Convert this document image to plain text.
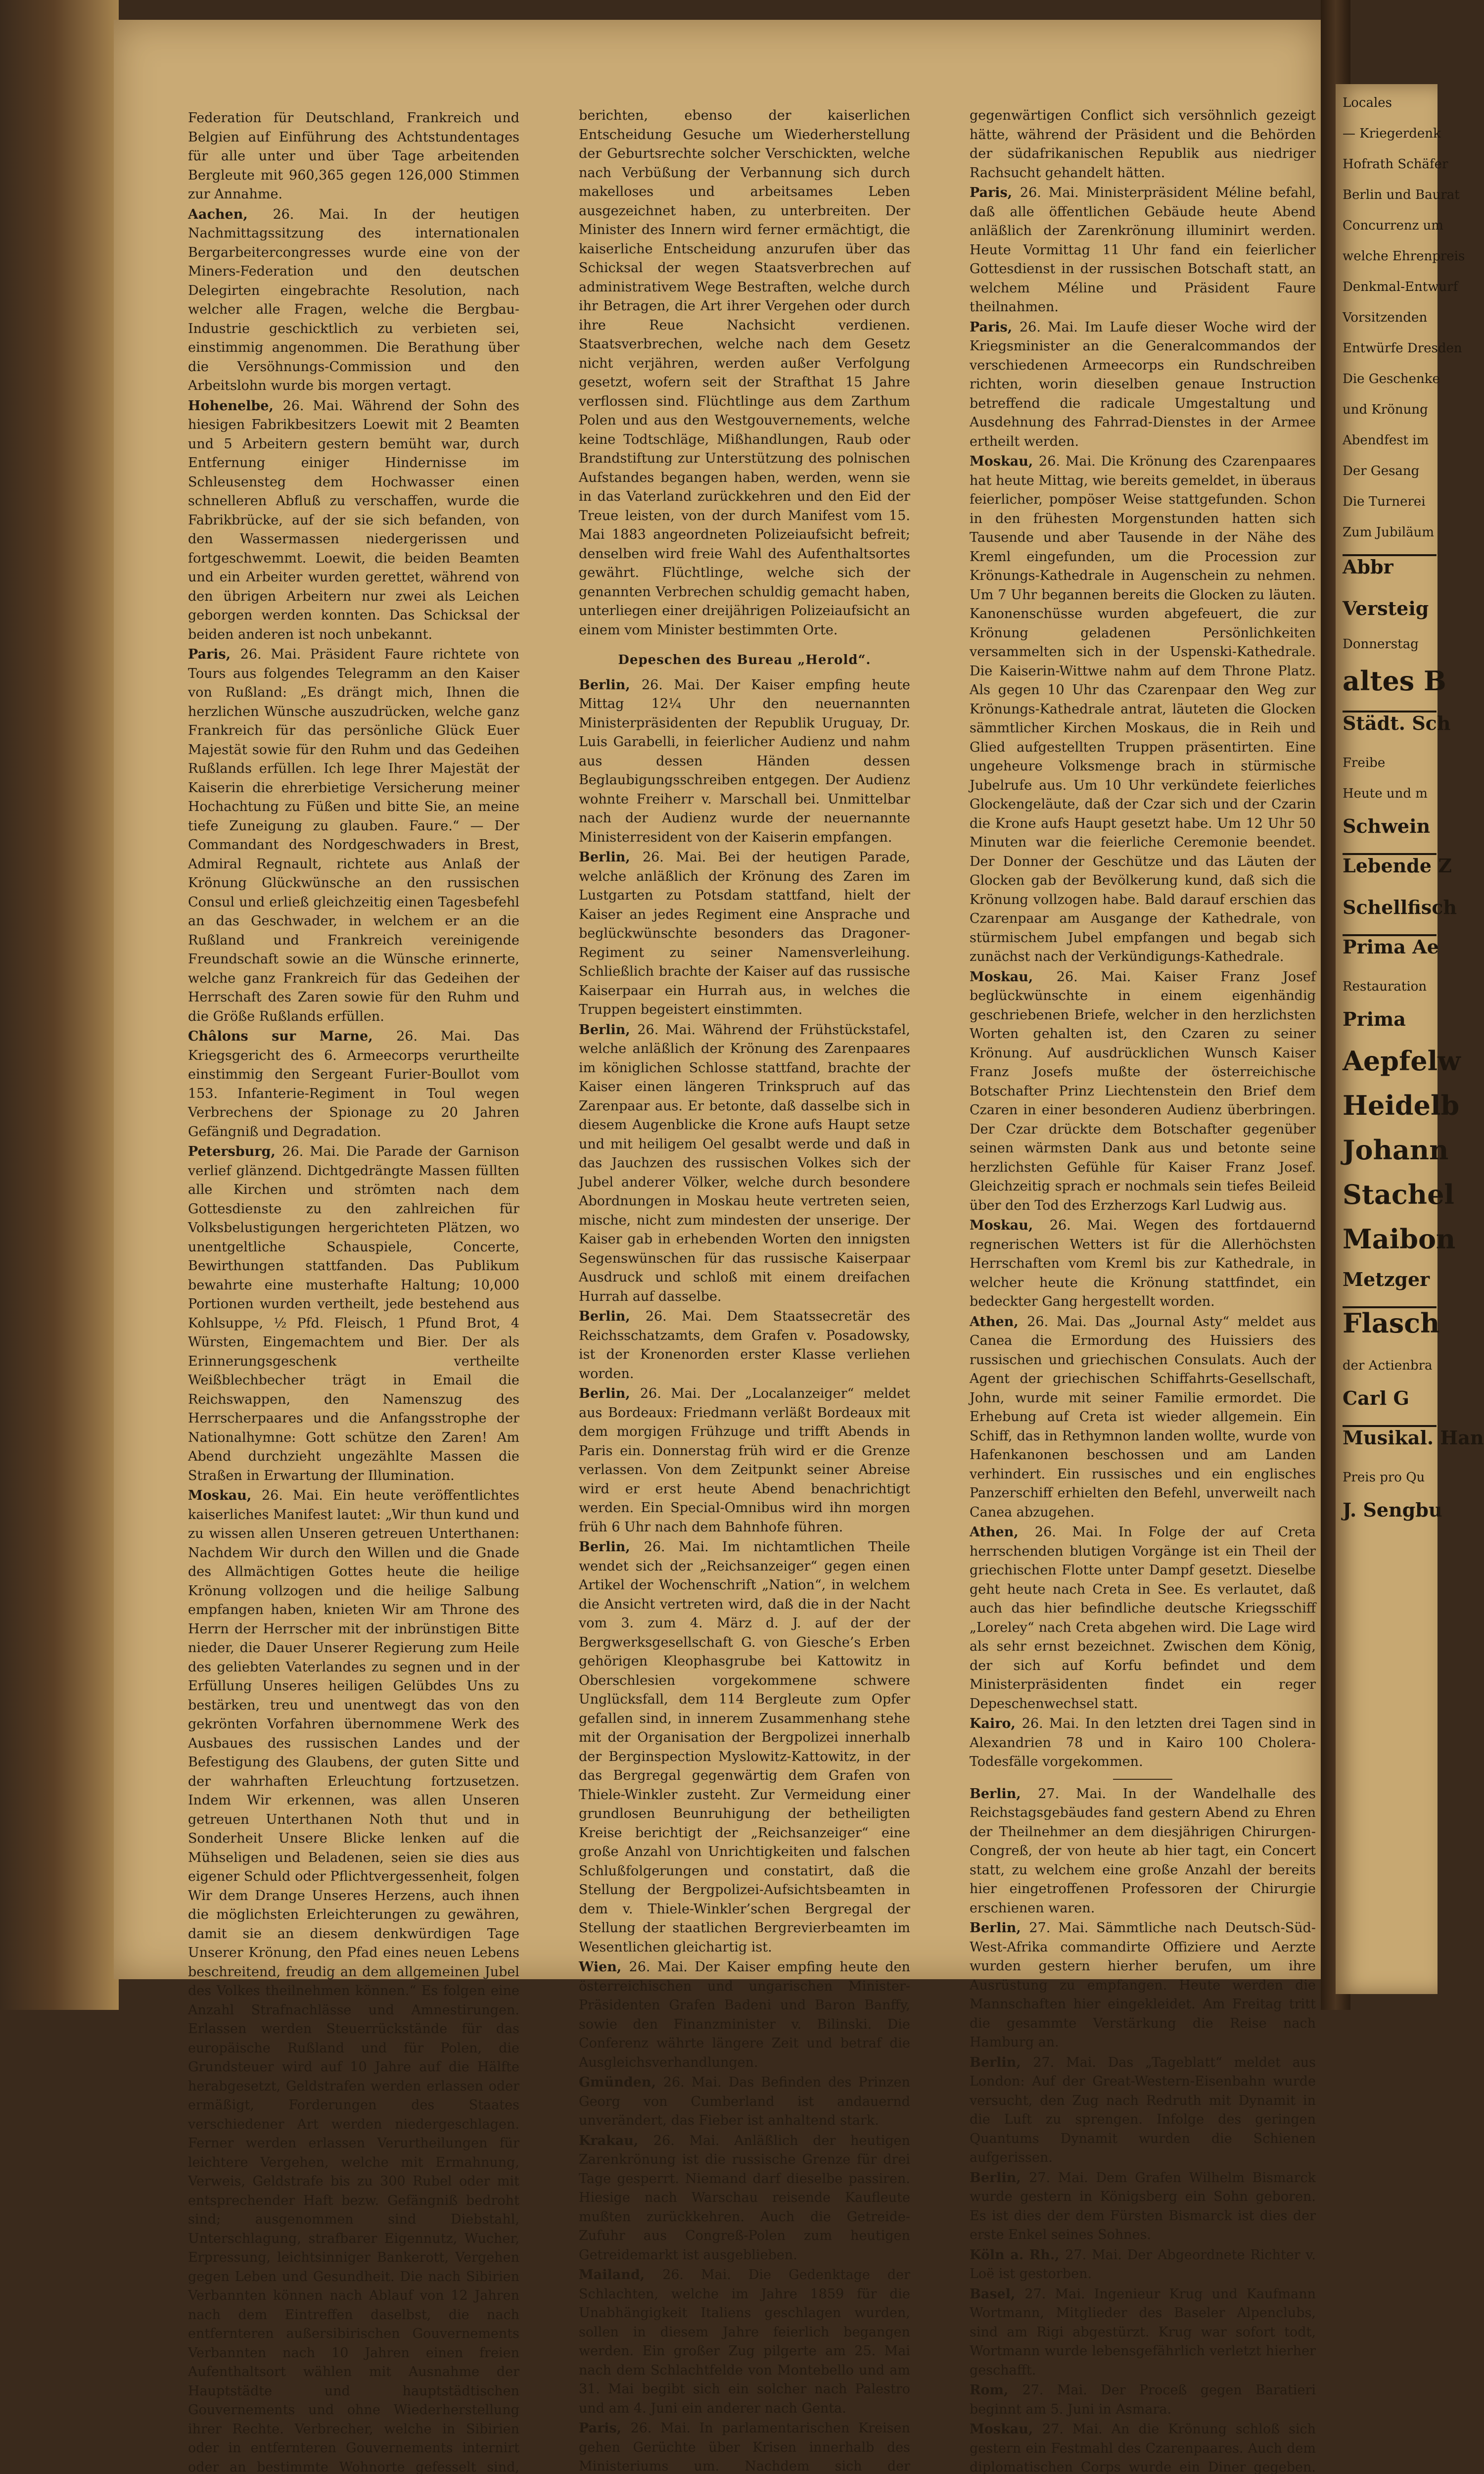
Federation für Deutschland, Frankreich und Belgien auf Einführung des Achtstundentages für alle unter und über Tage arbeitenden Bergleute mit 960,365 gegen 126,000 Stimmen zur Annahme.

Aachen, 26. Mai. In der heutigen Nachmittagssitzung des internationalen Bergarbeitercongresses wurde eine von der Miners-Federation und den deutschen Delegirten eingebrachte Resolution, nach welcher alle Fragen, welche die Bergbau-Industrie geschicktlich zu verbieten sei, einstimmig angenommen. Die Berathung über die Versöhnungs-Commission und den Arbeitslohn wurde bis morgen vertagt.

Hohenelbe, 26. Mai. Während der Sohn des hiesigen Fabrikbesitzers Loewit mit 2 Beamten und 5 Arbeitern gestern bemüht war, durch Entfernung einiger Hindernisse im Schleusensteg dem Hochwasser einen schnelleren Abfluß zu verschaffen, wurde die Fabrikbrücke, auf der sie sich befanden, von den Wassermassen niedergerissen und fortgeschwemmt. Loewit, die beiden Beamten und ein Arbeiter wurden gerettet, während von den übrigen Arbeitern nur zwei als Leichen geborgen werden konnten. Das Schicksal der beiden anderen ist noch unbekannt.

Paris, 26. Mai. Präsident Faure richtete von Tours aus folgendes Telegramm an den Kaiser von Rußland: „Es drängt mich, Ihnen die herzlichen Wünsche auszudrücken, welche ganz Frankreich für das persönliche Glück Euer Majestät sowie für den Ruhm und das Gedeihen Rußlands erfüllen. Ich lege Ihrer Majestät der Kaiserin die ehrerbietige Versicherung meiner Hochachtung zu Füßen und bitte Sie, an meine tiefe Zuneigung zu glauben. Faure.“ — Der Commandant des Nordgeschwaders in Brest, Admiral Regnault, richtete aus Anlaß der Krönung Glückwünsche an den russischen Consul und erließ gleichzeitig einen Tagesbefehl an das Geschwader, in welchem er an die Rußland und Frankreich vereinigende Freundschaft sowie an die Wünsche erinnerte, welche ganz Frankreich für das Gedeihen der Herrschaft des Zaren sowie für den Ruhm und die Größe Rußlands erfüllen.

Châlons sur Marne, 26. Mai. Das Kriegsgericht des 6. Armeecorps verurtheilte einstimmig den Sergeant Furier-Boullot vom 153. Infanterie-Regiment in Toul wegen Verbrechens der Spionage zu 20 Jahren Gefängniß und Degradation.

Petersburg, 26. Mai. Die Parade der Garnison verlief glänzend. Dichtgedrängte Massen füllten alle Kirchen und strömten nach dem Gottesdienste zu den zahlreichen für Volksbelustigungen hergerichteten Plätzen, wo unentgeltliche Schauspiele, Concerte, Bewirthungen stattfanden. Das Publikum bewahrte eine musterhafte Haltung; 10,000 Portionen wurden vertheilt, jede bestehend aus Kohlsuppe, ½ Pfd. Fleisch, 1 Pfund Brot, 4 Würsten, Eingemachtem und Bier. Der als Erinnerungsgeschenk vertheilte Weißblechbecher trägt in Email die Reichswappen, den Namenszug des Herrscherpaares und die Anfangsstrophe der Nationalhymne: Gott schütze den Zaren! Am Abend durchzieht ungezählte Massen die Straßen in Erwartung der Illumination.

Moskau, 26. Mai. Ein heute veröffentlichtes kaiserliches Manifest lautet: „Wir thun kund und zu wissen allen Unseren getreuen Unterthanen: Nachdem Wir durch den Willen und die Gnade des Allmächtigen Gottes heute die heilige Krönung vollzogen und die heilige Salbung empfangen haben, knieten Wir am Throne des Herrn der Herrscher mit der inbrünstigen Bitte nieder, die Dauer Unserer Regierung zum Heile des geliebten Vaterlandes zu segnen und in der Erfüllung Unseres heiligen Gelübdes Uns zu bestärken, treu und unentwegt das von den gekrönten Vorfahren übernommene Werk des Ausbaues des russischen Landes und der Befestigung des Glaubens, der guten Sitte und der wahrhaften Erleuchtung fortzusetzen. Indem Wir erkennen, was allen Unseren getreuen Unterthanen Noth thut und in Sonderheit Unsere Blicke lenken auf die Mühseligen und Beladenen, seien sie dies aus eigener Schuld oder Pflichtvergessenheit, folgen Wir dem Drange Unseres Herzens, auch ihnen die möglichsten Erleichterungen zu gewähren, damit sie an diesem denkwürdigen Tage Unserer Krönung, den Pfad eines neuen Lebens beschreitend, freudig an dem allgemeinen Jubel des Volkes theilnehmen können.“ Es folgen eine Anzahl Strafnachlässe und Amnestirungen. Erlassen werden Steuerrückstände für das europäische Rußland und für Polen, die Grundsteuer wird auf 10 Jahre auf die Hälfte herabgesetzt, Geldstrafen werden erlassen oder ermäßigt, Forderungen des Staates verschiedener Art werden niedergeschlagen. Ferner werden erlassen Verurtheilungen für leichtere Vergehen, welche mit Ermahnung, Verweis, Geldstrafe bis zu 300 Rubel oder mit entsprechender Haft bezw. Gefängniß bedroht sind; ausgenommen sind Diebstahl, Unterschlagung, strafbarer Eigennutz, Wucher, Erpressung, leichtsinniger Bankerott, Vergehen gegen Leben und Gesundheit. Die nach Sibirien Verbannten können nach Ablauf von 12 Jahren nach dem Eintreffen daselbst, die nach entfernteren außersibirischen Gouvernements Verbannten nach 10 Jahren einen freien Aufenthaltsort wählen mit Ausnahme der Hauptstädte und hauptstädtischen Gouvernements und ohne Wiederherstellung ihrer Rechte. Verbrecher, welche in Sibirien oder in entfernteren Gouvernements internirt oder an bestimmte Wohnorte gefesselt sind,

berichten, ebenso der kaiserlichen Entscheidung Gesuche um Wiederherstellung der Geburtsrechte solcher Verschickten, welche nach Verbüßung der Verbannung sich durch makelloses und arbeitsames Leben ausgezeichnet haben, zu unterbreiten. Der Minister des Innern wird ferner ermächtigt, die kaiserliche Entscheidung anzurufen über das Schicksal der wegen Staatsverbrechen auf administrativem Wege Bestraften, welche durch ihr Betragen, die Art ihrer Vergehen oder durch ihre Reue Nachsicht verdienen. Staatsverbrechen, welche nach dem Gesetz nicht verjähren, werden außer Verfolgung gesetzt, wofern seit der Strafthat 15 Jahre verflossen sind. Flüchtlinge aus dem Zarthum Polen und aus den Westgouvernements, welche keine Todtschläge, Mißhandlungen, Raub oder Brandstiftung zur Unterstützung des polnischen Aufstandes begangen haben, werden, wenn sie in das Vaterland zurückkehren und den Eid der Treue leisten, von der durch Manifest vom 15. Mai 1883 angeordneten Polizeiaufsicht befreit; denselben wird freie Wahl des Aufenthaltsortes gewährt. Flüchtlinge, welche sich der genannten Verbrechen schuldig gemacht haben, unterliegen einer dreijährigen Polizeiaufsicht an einem vom Minister bestimmten Orte.

Depeschen des Bureau „Herold“.

Berlin, 26. Mai. Der Kaiser empfing heute Mittag 12¼ Uhr den neuernannten Ministerpräsidenten der Republik Uruguay, Dr. Luis Garabelli, in feierlicher Audienz und nahm aus dessen Händen dessen Beglaubigungsschreiben entgegen. Der Audienz wohnte Freiherr v. Marschall bei. Unmittelbar nach der Audienz wurde der neuernannte Ministerresident von der Kaiserin empfangen.

Berlin, 26. Mai. Bei der heutigen Parade, welche anläßlich der Krönung des Zaren im Lustgarten zu Potsdam stattfand, hielt der Kaiser an jedes Regiment eine Ansprache und beglückwünschte besonders das Dragoner-Regiment zu seiner Namensverleihung. Schließlich brachte der Kaiser auf das russische Kaiserpaar ein Hurrah aus, in welches die Truppen begeistert einstimmten.

Berlin, 26. Mai. Während der Frühstückstafel, welche anläßlich der Krönung des Zarenpaares im königlichen Schlosse stattfand, brachte der Kaiser einen längeren Trinkspruch auf das Zarenpaar aus. Er betonte, daß dasselbe sich in diesem Augenblicke die Krone aufs Haupt setze und mit heiligem Oel gesalbt werde und daß in das Jauchzen des russischen Volkes sich der Jubel anderer Völker, welche durch besondere Abordnungen in Moskau heute vertreten seien, mische, nicht zum mindesten der unserige. Der Kaiser gab in erhebenden Worten den innigsten Segenswünschen für das russische Kaiserpaar Ausdruck und schloß mit einem dreifachen Hurrah auf dasselbe.

Berlin, 26. Mai. Dem Staatssecretär des Reichsschatzamts, dem Grafen v. Posadowsky, ist der Kronenorden erster Klasse verliehen worden.

Berlin, 26. Mai. Der „Localanzeiger“ meldet aus Bordeaux: Friedmann verläßt Bordeaux mit dem morgigen Frühzuge und trifft Abends in Paris ein. Donnerstag früh wird er die Grenze verlassen. Von dem Zeitpunkt seiner Abreise wird er erst heute Abend benachrichtigt werden. Ein Special-Omnibus wird ihn morgen früh 6 Uhr nach dem Bahnhofe führen.

Berlin, 26. Mai. Im nichtamtlichen Theile wendet sich der „Reichsanzeiger“ gegen einen Artikel der Wochenschrift „Nation“, in welchem die Ansicht vertreten wird, daß die in der Nacht vom 3. zum 4. März d. J. auf der der Bergwerksgesellschaft G. von Giesche’s Erben gehörigen Kleophasgrube bei Kattowitz in Oberschlesien vorgekommene schwere Unglücksfall, dem 114 Bergleute zum Opfer gefallen sind, in innerem Zusammenhang stehe mit der Organisation der Bergpolizei innerhalb der Berginspection Myslowitz-Kattowitz, in der das Bergregal gegenwärtig dem Grafen von Thiele-Winkler zusteht. Zur Vermeidung einer grundlosen Beunruhigung der betheiligten Kreise berichtigt der „Reichsanzeiger“ eine große Anzahl von Unrichtigkeiten und falschen Schlußfolgerungen und constatirt, daß die Stellung der Bergpolizei-Aufsichtsbeamten in dem v. Thiele-Winkler’schen Bergregal der Stellung der staatlichen Bergrevierbeamten im Wesentlichen gleichartig ist.

Wien, 26. Mai. Der Kaiser empfing heute den österreichischen und ungarischen Minister-Präsidenten Grafen Badeni und Baron Banffy, sowie den Finanzminister v. Bilinski. Die Conferenz währte längere Zeit und betraf die Ausgleichsverhandlungen.

Gmünden, 26. Mai. Das Befinden des Prinzen Georg von Cumberland ist andauernd unverändert, das Fieber ist anhaltend stark.

Krakau, 26. Mai. Anläßlich der heutigen Zarenkrönung ist die russische Grenze für drei Tage gesperrt. Niemand darf dieselbe passiren. Hiesige nach Warschau reisende Kaufleute mußten zurückkehren. Auch die Getreide-Zufuhr aus Congreß-Polen zum heutigen Getreidemarkt ist ausgeblieben.

Mailand, 26. Mai. Die Gedenktage der Schlachten, welche im Jahre 1859 für die Unabhängigkeit Italiens geschlagen wurden, sollen in diesem Jahre feierlich begangen werden. Ein großer Zug pilgerte am 25. Mai nach dem Schlachtfelde von Montebello und am 31. Mai begibt sich ein solcher nach Palestro und am 4. Juni ein anderer nach Genta.

Paris, 26. Mai. In parlamentarischen Kreisen gehen Gerüchte über Krisen innerhalb des Ministeriums um. Nachdem sich der

gegenwärtigen Conflict sich versöhnlich gezeigt hätte, während der Präsident und die Behörden der südafrikanischen Republik aus niedriger Rachsucht gehandelt hätten.

Paris, 26. Mai. Ministerpräsident Méline befahl, daß alle öffentlichen Gebäude heute Abend anläßlich der Zarenkrönung illuminirt werden. Heute Vormittag 11 Uhr fand ein feierlicher Gottesdienst in der russischen Botschaft statt, an welchem Méline und Präsident Faure theilnahmen.

Paris, 26. Mai. Im Laufe dieser Woche wird der Kriegsminister an die Generalcommandos der verschiedenen Armeecorps ein Rundschreiben richten, worin dieselben genaue Instruction betreffend die radicale Umgestaltung und Ausdehnung des Fahrrad-Dienstes in der Armee ertheilt werden.

Moskau, 26. Mai. Die Krönung des Czarenpaares hat heute Mittag, wie bereits gemeldet, in überaus feierlicher, pompöser Weise stattgefunden. Schon in den frühesten Morgenstunden hatten sich Tausende und aber Tausende in der Nähe des Kreml eingefunden, um die Procession zur Krönungs-Kathedrale in Augenschein zu nehmen. Um 7 Uhr begannen bereits die Glocken zu läuten. Kanonenschüsse wurden abgefeuert, die zur Krönung geladenen Persönlichkeiten versammelten sich in der Uspenski-Kathedrale. Die Kaiserin-Wittwe nahm auf dem Throne Platz. Als gegen 10 Uhr das Czarenpaar den Weg zur Krönungs-Kathedrale antrat, läuteten die Glocken sämmtlicher Kirchen Moskaus, die in Reih und Glied aufgestellten Truppen präsentirten. Eine ungeheure Volksmenge brach in stürmische Jubelrufe aus. Um 10 Uhr verkündete feierliches Glockengeläute, daß der Czar sich und der Czarin die Krone aufs Haupt gesetzt habe. Um 12 Uhr 50 Minuten war die feierliche Ceremonie beendet. Der Donner der Geschütze und das Läuten der Glocken gab der Bevölkerung kund, daß sich die Krönung vollzogen habe. Bald darauf erschien das Czarenpaar am Ausgange der Kathedrale, von stürmischem Jubel empfangen und begab sich zunächst nach der Verkündigungs-Kathedrale.

Moskau, 26. Mai. Kaiser Franz Josef beglückwünschte in einem eigenhändig geschriebenen Briefe, welcher in den herzlichsten Worten gehalten ist, den Czaren zu seiner Krönung. Auf ausdrücklichen Wunsch Kaiser Franz Josefs mußte der österreichische Botschafter Prinz Liechtenstein den Brief dem Czaren in einer besonderen Audienz überbringen. Der Czar drückte dem Botschafter gegenüber seinen wärmsten Dank aus und betonte seine herzlichsten Gefühle für Kaiser Franz Josef. Gleichzeitig sprach er nochmals sein tiefes Beileid über den Tod des Erzherzogs Karl Ludwig aus.

Moskau, 26. Mai. Wegen des fortdauernd regnerischen Wetters ist für die Allerhöchsten Herrschaften vom Kreml bis zur Kathedrale, in welcher heute die Krönung stattfindet, ein bedeckter Gang hergestellt worden.

Athen, 26. Mai. Das „Journal Asty“ meldet aus Canea die Ermordung des Huissiers des russischen und griechischen Consulats. Auch der Agent der griechischen Schiffahrts-Gesellschaft, John, wurde mit seiner Familie ermordet. Die Erhebung auf Creta ist wieder allgemein. Ein Schiff, das in Rethymnon landen wollte, wurde von Hafenkanonen beschossen und am Landen verhindert. Ein russisches und ein englisches Panzerschiff erhielten den Befehl, unverweilt nach Canea abzugehen.

Athen, 26. Mai. In Folge der auf Creta herrschenden blutigen Vorgänge ist ein Theil der griechischen Flotte unter Dampf gesetzt. Dieselbe geht heute nach Creta in See. Es verlautet, daß auch das hier befindliche deutsche Kriegsschiff „Loreley“ nach Creta abgehen wird. Die Lage wird als sehr ernst bezeichnet. Zwischen dem König, der sich auf Korfu befindet und dem Ministerpräsidenten findet ein reger Depeschenwechsel statt.

Kairo, 26. Mai. In den letzten drei Tagen sind in Alexandrien 78 und in Kairo 100 Cholera-Todesfälle vorgekommen.

Berlin, 27. Mai. In der Wandelhalle des Reichstagsgebäudes fand gestern Abend zu Ehren der Theilnehmer an dem diesjährigen Chirurgen-Congreß, der von heute ab hier tagt, ein Concert statt, zu welchem eine große Anzahl der bereits hier eingetroffenen Professoren der Chirurgie erschienen waren.

Berlin, 27. Mai. Sämmtliche nach Deutsch-Süd-West-Afrika commandirte Offiziere und Aerzte wurden gestern hierher berufen, um ihre Ausrüstung zu empfangen. Heute werden die Mannschaften hier eingekleidet. Am Freitag tritt die gesammte Verstärkung die Reise nach Hamburg an.

Berlin, 27. Mai. Das „Tageblatt“ meldet aus London: Auf der Great-Western-Eisenbahn wurde versucht, den Zug nach Redruth mit Dynamit in die Luft zu sprengen. Infolge des geringen Quantums Dynamit wurden die Schienen aufgerissen.

Berlin, 27. Mai. Dem Grafen Wilhelm Bismarck wurde gestern in Königsberg ein Sohn geboren. Es ist dies der dem Fürsten Bismarck ist dies der erste Enkel seines Sohnes.

Köln a. Rh., 27. Mai. Der Abgeordnete Richter v. Loë ist gestorben.

Basel, 27. Mai. Ingenieur Krug und Kaufmann Wortmann, Mitglieder des Baseler Alpenclubs, sind am Rigi abgestürzt. Krug war sofort todt, Wortmann wurde lebensgefährlich verletzt hierher geschafft.

Rom, 27. Mai. Der Proceß gegen Baratieri beginnt am 5. Juni in Asmara.

Moskau, 27. Mai. An die Krönung schloß sich gestern ein Festmahl des Czarenpaares. Auch dem diplomatischen Corps wurde ein Diner gegeben.

Locales
— Kriegerdenk
Hofrath Schäfer
Berlin und Baurat
Concurrenz um
welche Ehrenpreis
Denkmal-Entwurf
Vorsitzenden
Entwürfe Dresden
Die Geschenke
und Krönung
Abendfest im
Der Gesang
Die Turnerei
Zum Jubiläum
Abbr
Versteig
Donnerstag
altes B
Städt. Sch
Freibe
Heute und m
Schwein
Lebende Z
Schellfisch
Prima Ae
Restauration
Prima
Aepfelw
Heidelb
Johann
Stachel
Maibon
Metzger
Flasch
der Actienbra
Carl G
Musikal. Han
Preis pro Qu
J. Sengbu
